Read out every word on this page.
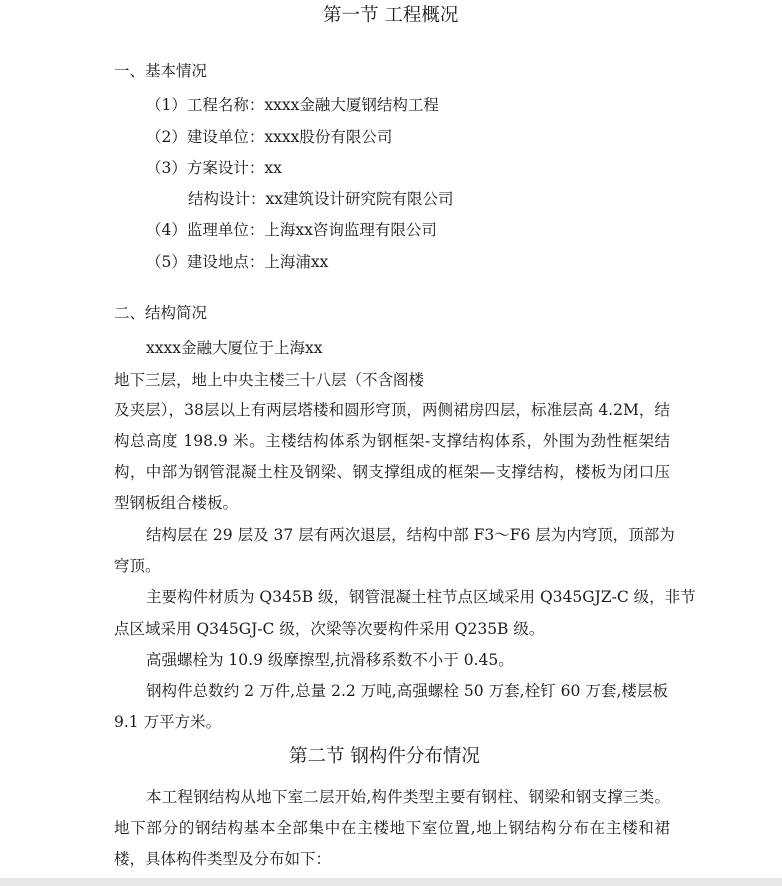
第一节 工程概况
一、基本情况
（1）工程名称：xxxx金融大厦钢结构工程
（2）建设单位：xxxx股份有限公司
（3）方案设计：xx
结构设计：xx建筑设计研究院有限公司
（4）监理单位：上海xx咨询监理有限公司
（5）建设地点：上海浦xx
二、结构简况
xxxx金融大厦位于上海xx
地下三层，地上中央主楼三十八层（不含阁楼
及夹层），38层以上有两层塔楼和圆形穹顶，两侧裙房四层，标准层高 4.2M，结
构总高度 198.9 米。主楼结构体系为钢框架-支撑结构体系，外围为劲性框架结
构，中部为钢管混凝土柱及钢梁、钢支撑组成的框架—支撑结构，楼板为闭口压
型钢板组合楼板。
结构层在 29 层及 37 层有两次退层，结构中部 F3～F6 层为内穹顶，顶部为
穹顶。
主要构件材质为 Q345B 级，钢管混凝土柱节点区域采用 Q345GJZ-C 级，非节
点区域采用 Q345GJ-C 级，次梁等次要构件采用 Q235B 级。
高强螺栓为 10.9 级摩擦型,抗滑移系数不小于 0.45。
钢构件总数约 2 万件,总量 2.2 万吨,高强螺栓 50 万套,栓钉 60 万套,楼层板
9.1 万平方米。
第二节 钢构件分布情况
本工程钢结构从地下室二层开始,构件类型主要有钢柱、钢梁和钢支撑三类。
地下部分的钢结构基本全部集中在主楼地下室位置,地上钢结构分布在主楼和裙
楼，具体构件类型及分布如下：
